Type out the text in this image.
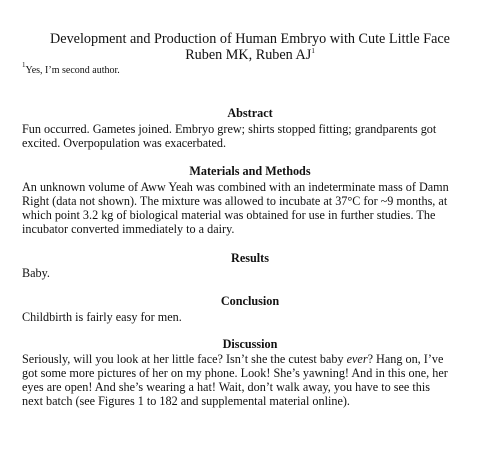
Development and Production of Human Embryo with Cute Little Face
Ruben MK, Ruben $AJ^1$
$^1$Yes, I’m second author.
Abstract
Fun occurred. Gametes joined. Embryo grew; shirts stopped fitting; grandparents got
excited. Overpopulation was exacerbated.
Materials and Methods
An unknown volume of Aww Yeah was combined with an indeterminate mass of Damn
Right (data not shown). The mixture was allowed to incubate at 37°C for ~9 months, at
which point 3.2 kg of biological material was obtained for use in further studies. The
incubator converted immediately to a dairy.
Results
Baby.
Conclusion
Childbirth is fairly easy for men.
Discussion
Seriously, will you look at her little face? Isn’t she the cutest baby ever? Hang on, I’ve
got some more pictures of her on my phone. Look! She’s yawning! And in this one, her
eyes are open! And she’s wearing a hat! Wait, don’t walk away, you have to see this
next batch (see Figures 1 to 182 and supplemental material online).
